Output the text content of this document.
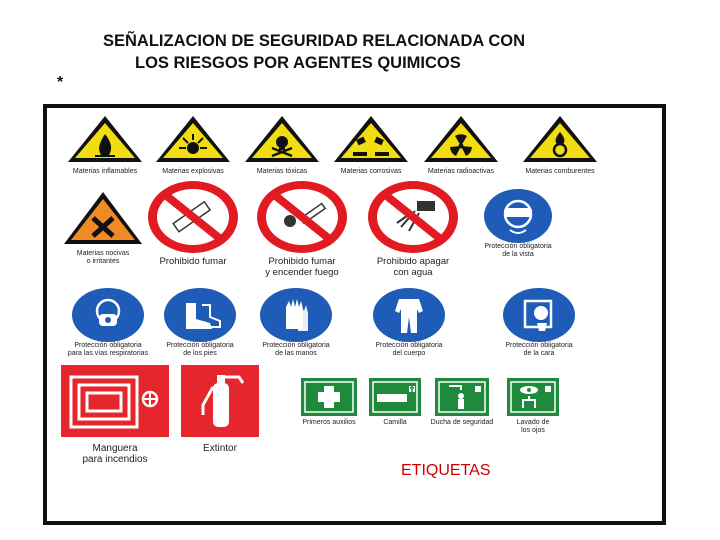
SEÑALIZACION DE SEGURIDAD RELACIONADA CON
LOS RIESGOS POR AGENTES QUIMICOS
*
Materias inflamables	Materias explosivas	Materias tóxicas	Materias corrosivas	Materias radioactivas	Materias comburentes
Materias nocivas
o irritantes	Prohibido fumar	Prohibido fumar
y encender fuego
Prohibido apagar
con agua
Protección obligatoria
de la vista
Protección obligatoria
para las vías respiratorias
Protección obligatoria
de los pies
Protección obligatoria
de las manos
Protección obligatoria
del cuerpo
Protección obligatoria
de la cara
Manguera
para incendios
Extintor
Primeros auxilios	Camilla	Ducha de seguridad	Lavado de
los ojos
ETIQUETAS
